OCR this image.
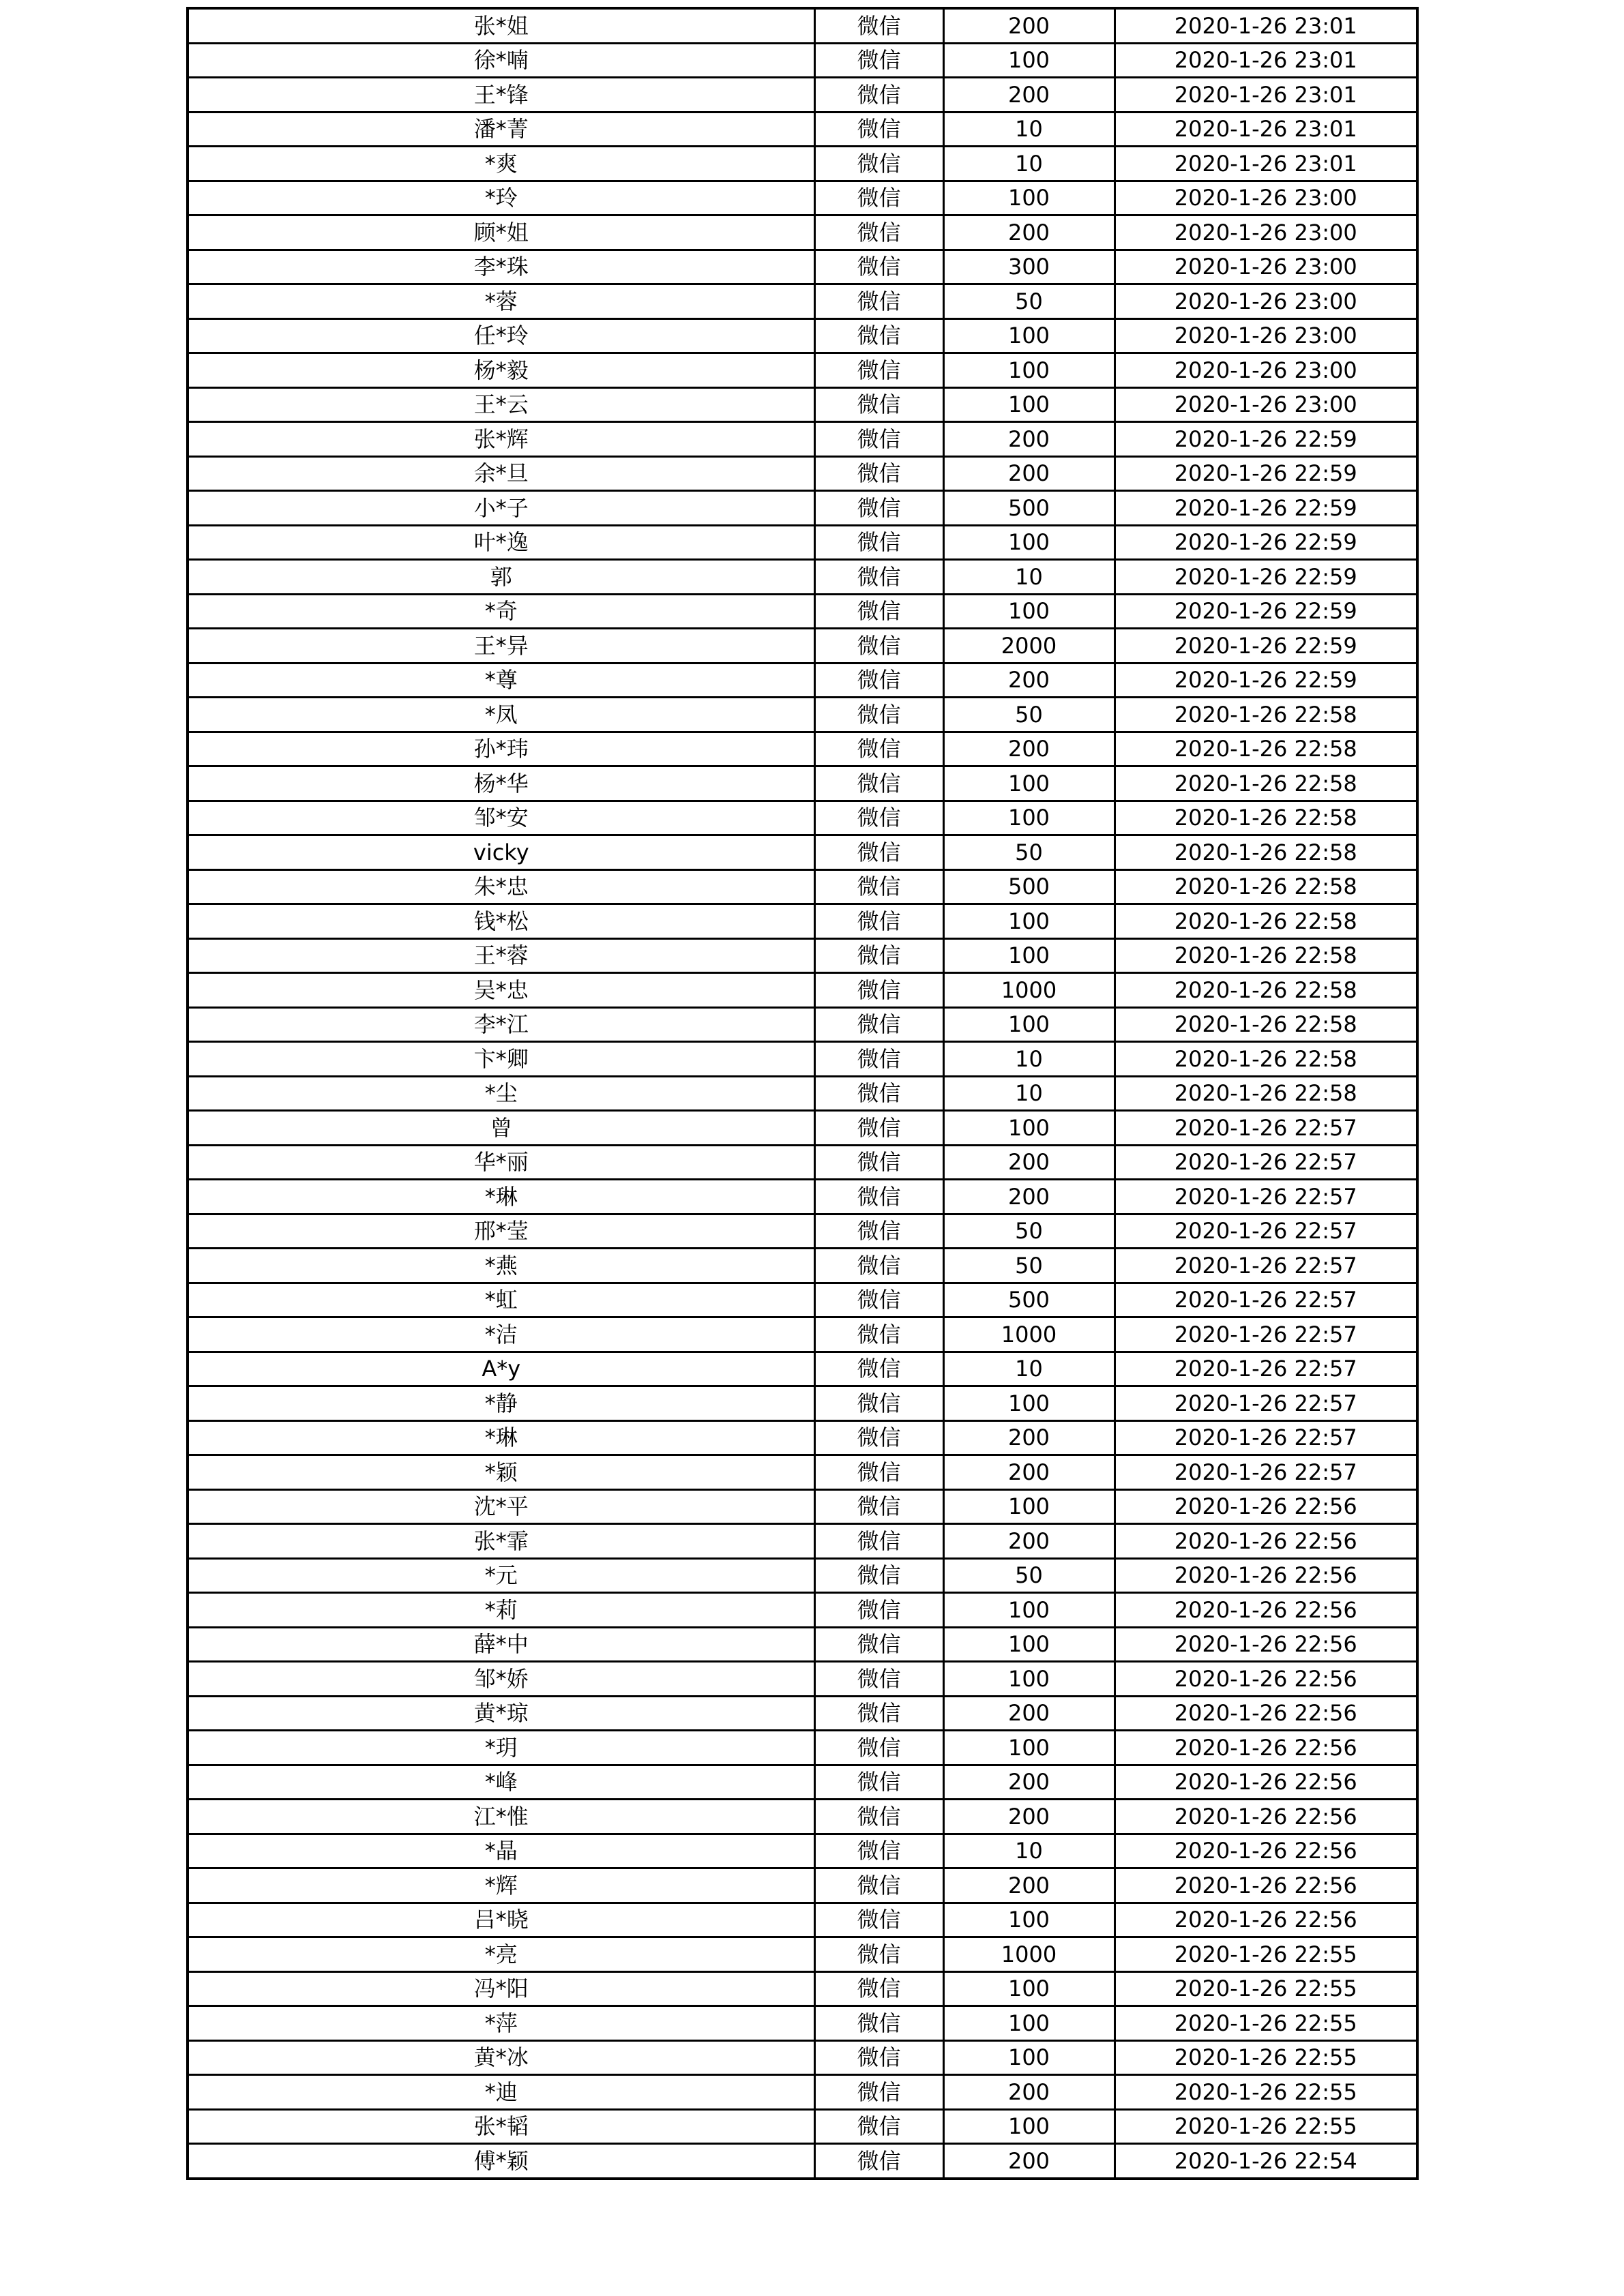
张*姐	微信	200	2020-1-26 23:01
徐*喃	微信	100	2020-1-26 23:01
王*锋	微信	200	2020-1-26 23:01
潘*菁	微信	10	2020-1-26 23:01
*爽	微信	10	2020-1-26 23:01
*玲	微信	100	2020-1-26 23:00
顾*姐	微信	200	2020-1-26 23:00
李*珠	微信	300	2020-1-26 23:00
*蓉	微信	50	2020-1-26 23:00
任*玲	微信	100	2020-1-26 23:00
杨*毅	微信	100	2020-1-26 23:00
王*云	微信	100	2020-1-26 23:00
张*辉	微信	200	2020-1-26 22:59
余*旦	微信	200	2020-1-26 22:59
小*子	微信	500	2020-1-26 22:59
叶*逸	微信	100	2020-1-26 22:59
郭	微信	10	2020-1-26 22:59
*奇	微信	100	2020-1-26 22:59
王*异	微信	2000	2020-1-26 22:59
*尊	微信	200	2020-1-26 22:59
*凤	微信	50	2020-1-26 22:58
孙*玮	微信	200	2020-1-26 22:58
杨*华	微信	100	2020-1-26 22:58
邹*安	微信	100	2020-1-26 22:58
vicky	微信	50	2020-1-26 22:58
朱*忠	微信	500	2020-1-26 22:58
钱*松	微信	100	2020-1-26 22:58
王*蓉	微信	100	2020-1-26 22:58
吴*忠	微信	1000	2020-1-26 22:58
李*江	微信	100	2020-1-26 22:58
卞*卿	微信	10	2020-1-26 22:58
*尘	微信	10	2020-1-26 22:58
曾	微信	100	2020-1-26 22:57
华*丽	微信	200	2020-1-26 22:57
*琳	微信	200	2020-1-26 22:57
邢*莹	微信	50	2020-1-26 22:57
*燕	微信	50	2020-1-26 22:57
*虹	微信	500	2020-1-26 22:57
*洁	微信	1000	2020-1-26 22:57
A*y	微信	10	2020-1-26 22:57
*静	微信	100	2020-1-26 22:57
*琳	微信	200	2020-1-26 22:57
*颖	微信	200	2020-1-26 22:57
沈*平	微信	100	2020-1-26 22:56
张*霏	微信	200	2020-1-26 22:56
*元	微信	50	2020-1-26 22:56
*莉	微信	100	2020-1-26 22:56
薛*中	微信	100	2020-1-26 22:56
邹*娇	微信	100	2020-1-26 22:56
黄*琼	微信	200	2020-1-26 22:56
*玥	微信	100	2020-1-26 22:56
*峰	微信	200	2020-1-26 22:56
江*惟	微信	200	2020-1-26 22:56
*晶	微信	10	2020-1-26 22:56
*辉	微信	200	2020-1-26 22:56
吕*晓	微信	100	2020-1-26 22:56
*亮	微信	1000	2020-1-26 22:55
冯*阳	微信	100	2020-1-26 22:55
*萍	微信	100	2020-1-26 22:55
黄*冰	微信	100	2020-1-26 22:55
*迪	微信	200	2020-1-26 22:55
张*韬	微信	100	2020-1-26 22:55
傅*颖	微信	200	2020-1-26 22:54
